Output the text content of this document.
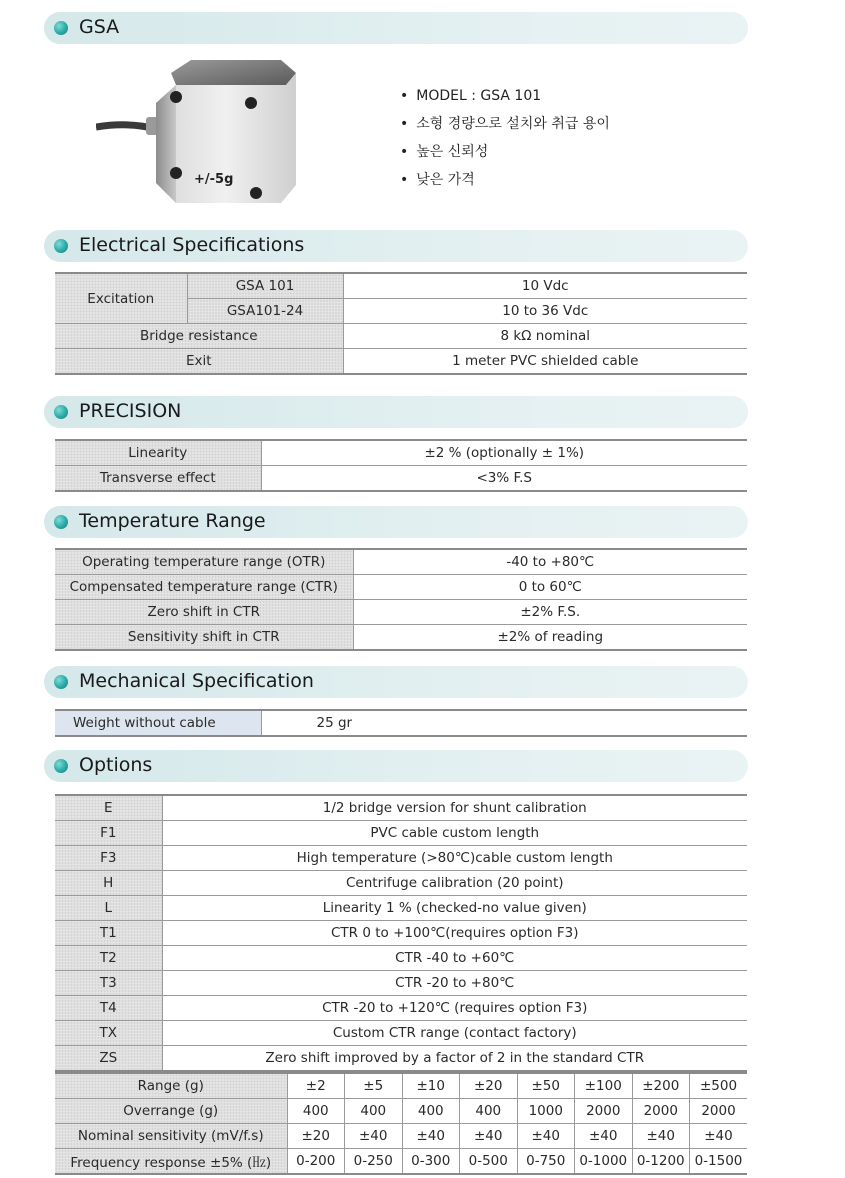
GSA
+/-5g
• MODEL : GSA 101
• 소형 경량으로 설치와 취급 용이
• 높은 신뢰성
• 낮은 가격
Electrical Specifications
Excitation	GSA 101	10 Vdc
	GSA101-24	10 to 36 Vdc
Bridge resistance		8 kΩ nominal
Exit		1 meter PVC shielded cable
PRECISION
Linearity	±2 % (optionally ± 1%)
Transverse effect	<3% F.S
Temperature Range
Operating temperature range (OTR)	-40 to +80℃
Compensated temperature range (CTR)	0 to 60℃
Zero shift in CTR	±2% F.S.
Sensitivity shift in CTR	±2% of reading
Mechanical Specification
Weight without cable	25 gr
Options
E	1/2 bridge version for shunt calibration
F1	PVC cable custom length
F3	High temperature (>80℃)cable custom length
H	Centrifuge calibration (20 point)
L	Linearity 1 % (checked-no value given)
T1	CTR 0 to +100℃(requires option F3)
T2	CTR -40 to +60℃
T3	CTR -20 to +80℃
T4	CTR -20 to +120℃ (requires option F3)
TX	Custom CTR range (contact factory)
ZS	Zero shift improved by a factor of 2 in the standard CTR
Range (g)	±2	±5	±10	±20	±50	±100	±200	±500
Overrange (g)	400	400	400	400	1000	2000	2000	2000
Nominal sensitivity (mV/f.s)	±20	±40	±40	±40	±40	±40	±40	±40
Frequency response ±5% (㎐)	0-200	0-250	0-300	0-500	0-750	0-1000	0-1200	0-1500
